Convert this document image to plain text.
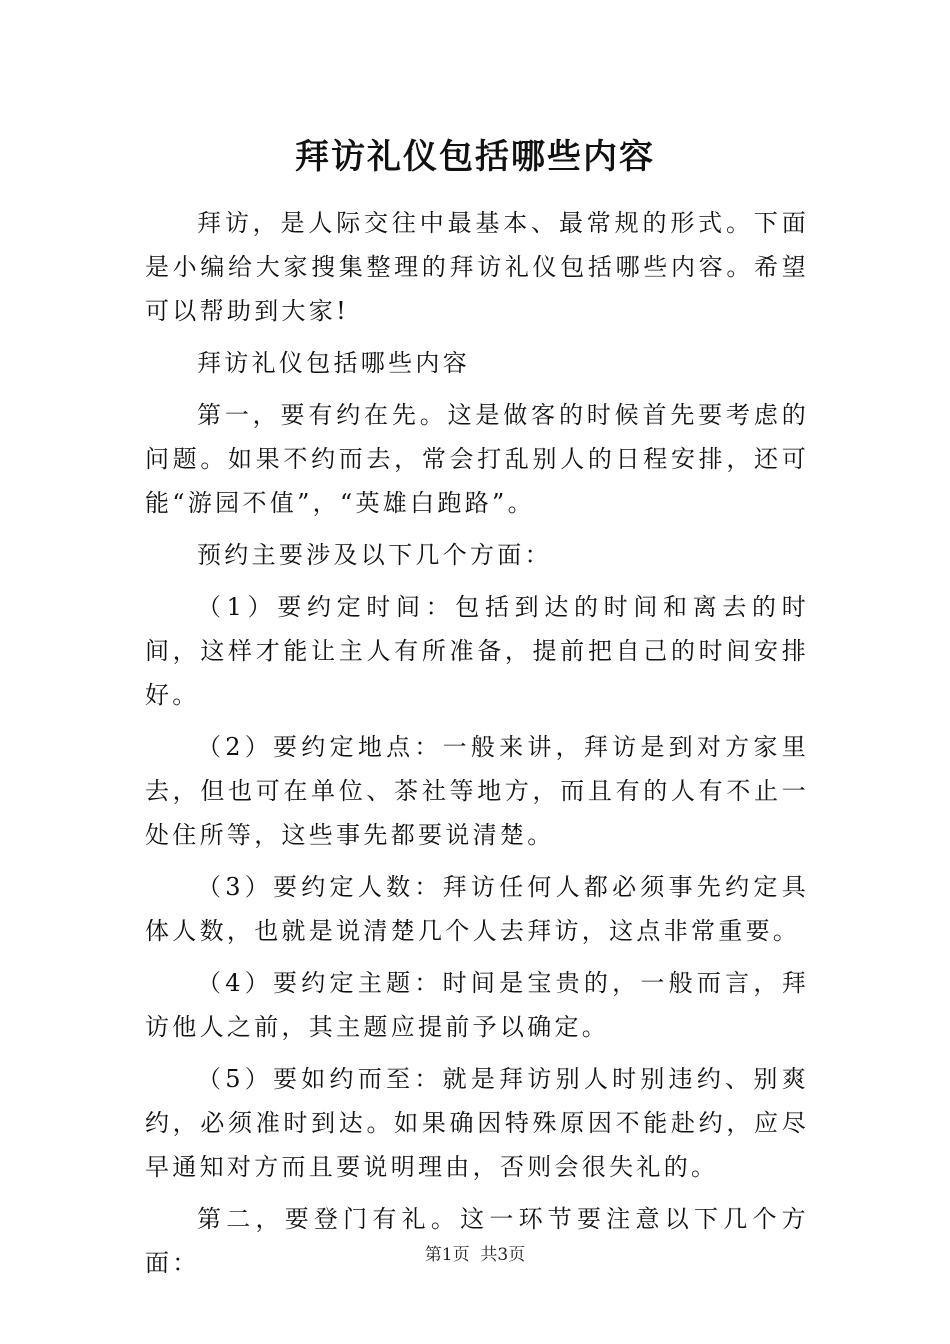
拜访礼仪包括哪些内容

拜访，是人际交往中最基本、最常规的形式。下面是小编给大家搜集整理的拜访礼仪包括哪些内容。希望可以帮助到大家!

拜访礼仪包括哪些内容

第一，要有约在先。这是做客的时候首先要考虑的问题。如果不约而去，常会打乱别人的日程安排，还可能“游园不值”，“英雄白跑路”。

预约主要涉及以下几个方面：

（1）要约定时间：包括到达的时间和离去的时间，这样才能让主人有所准备，提前把自己的时间安排好。

（2）要约定地点：一般来讲，拜访是到对方家里去，但也可在单位、茶社等地方，而且有的人有不止一处住所等，这些事先都要说清楚。

（3）要约定人数：拜访任何人都必须事先约定具体人数，也就是说清楚几个人去拜访，这点非常重要。

（4）要约定主题：时间是宝贵的，一般而言，拜访他人之前，其主题应提前予以确定。

（5）要如约而至：就是拜访别人时别违约、别爽约，必须准时到达。如果确因特殊原因不能赴约，应尽早通知对方而且要说明理由，否则会很失礼的。

第二，要登门有礼。这一环节要注意以下几个方面：	第1页  共3页
